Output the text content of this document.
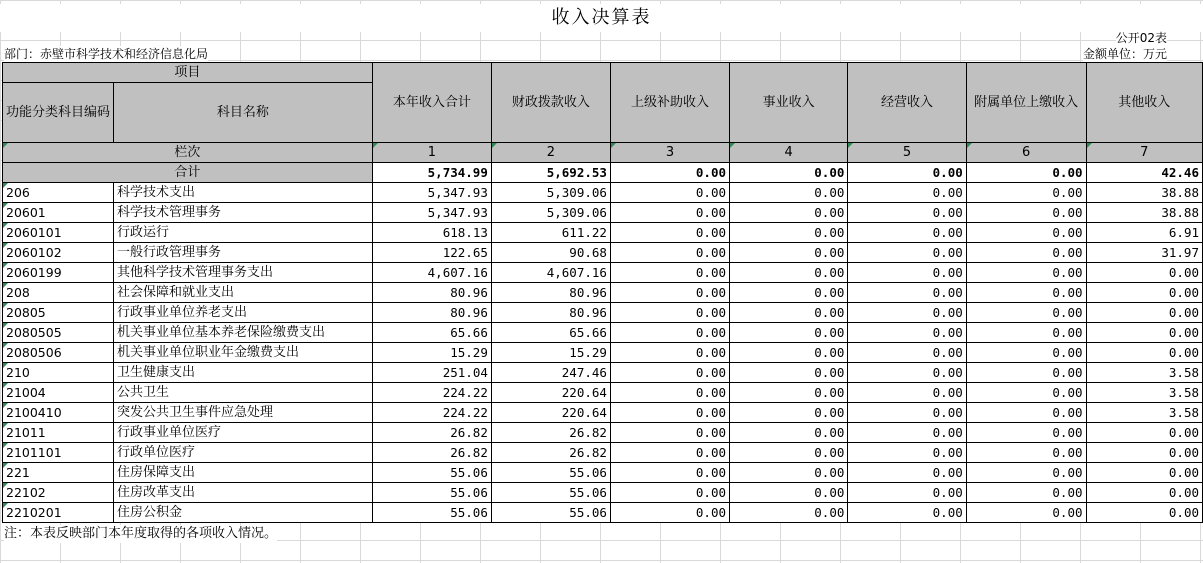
收入决算表
公开02表
部门：赤壁市科学技术和经济信息化局	金额单位：万元
项目		本年收入合计	财政拨款收入	上级补助收入	事业收入	经营收入	附属单位上缴收入	其他收入
功能分类科目编码	科目名称							
栏次		1	2	3	4	5	6	7
合计		5,734.99	5,692.53	0.00	0.00	0.00	0.00	42.46
206	科学技术支出	5,347.93	5,309.06	0.00	0.00	0.00	0.00	38.88
20601	科学技术管理事务	5,347.93	5,309.06	0.00	0.00	0.00	0.00	38.88
2060101	行政运行	618.13	611.22	0.00	0.00	0.00	0.00	6.91
2060102	一般行政管理事务	122.65	90.68	0.00	0.00	0.00	0.00	31.97
2060199	其他科学技术管理事务支出	4,607.16	4,607.16	0.00	0.00	0.00	0.00	0.00
208	社会保障和就业支出	80.96	80.96	0.00	0.00	0.00	0.00	0.00
20805	行政事业单位养老支出	80.96	80.96	0.00	0.00	0.00	0.00	0.00
2080505	机关事业单位基本养老保险缴费支出	65.66	65.66	0.00	0.00	0.00	0.00	0.00
2080506	机关事业单位职业年金缴费支出	15.29	15.29	0.00	0.00	0.00	0.00	0.00
210	卫生健康支出	251.04	247.46	0.00	0.00	0.00	0.00	3.58
21004	公共卫生	224.22	220.64	0.00	0.00	0.00	0.00	3.58
2100410	突发公共卫生事件应急处理	224.22	220.64	0.00	0.00	0.00	0.00	3.58
21011	行政事业单位医疗	26.82	26.82	0.00	0.00	0.00	0.00	0.00
2101101	行政单位医疗	26.82	26.82	0.00	0.00	0.00	0.00	0.00
221	住房保障支出	55.06	55.06	0.00	0.00	0.00	0.00	0.00
22102	住房改革支出	55.06	55.06	0.00	0.00	0.00	0.00	0.00
2210201	住房公积金	55.06	55.06	0.00	0.00	0.00	0.00	0.00
注：本表反映部门本年度取得的各项收入情况。
